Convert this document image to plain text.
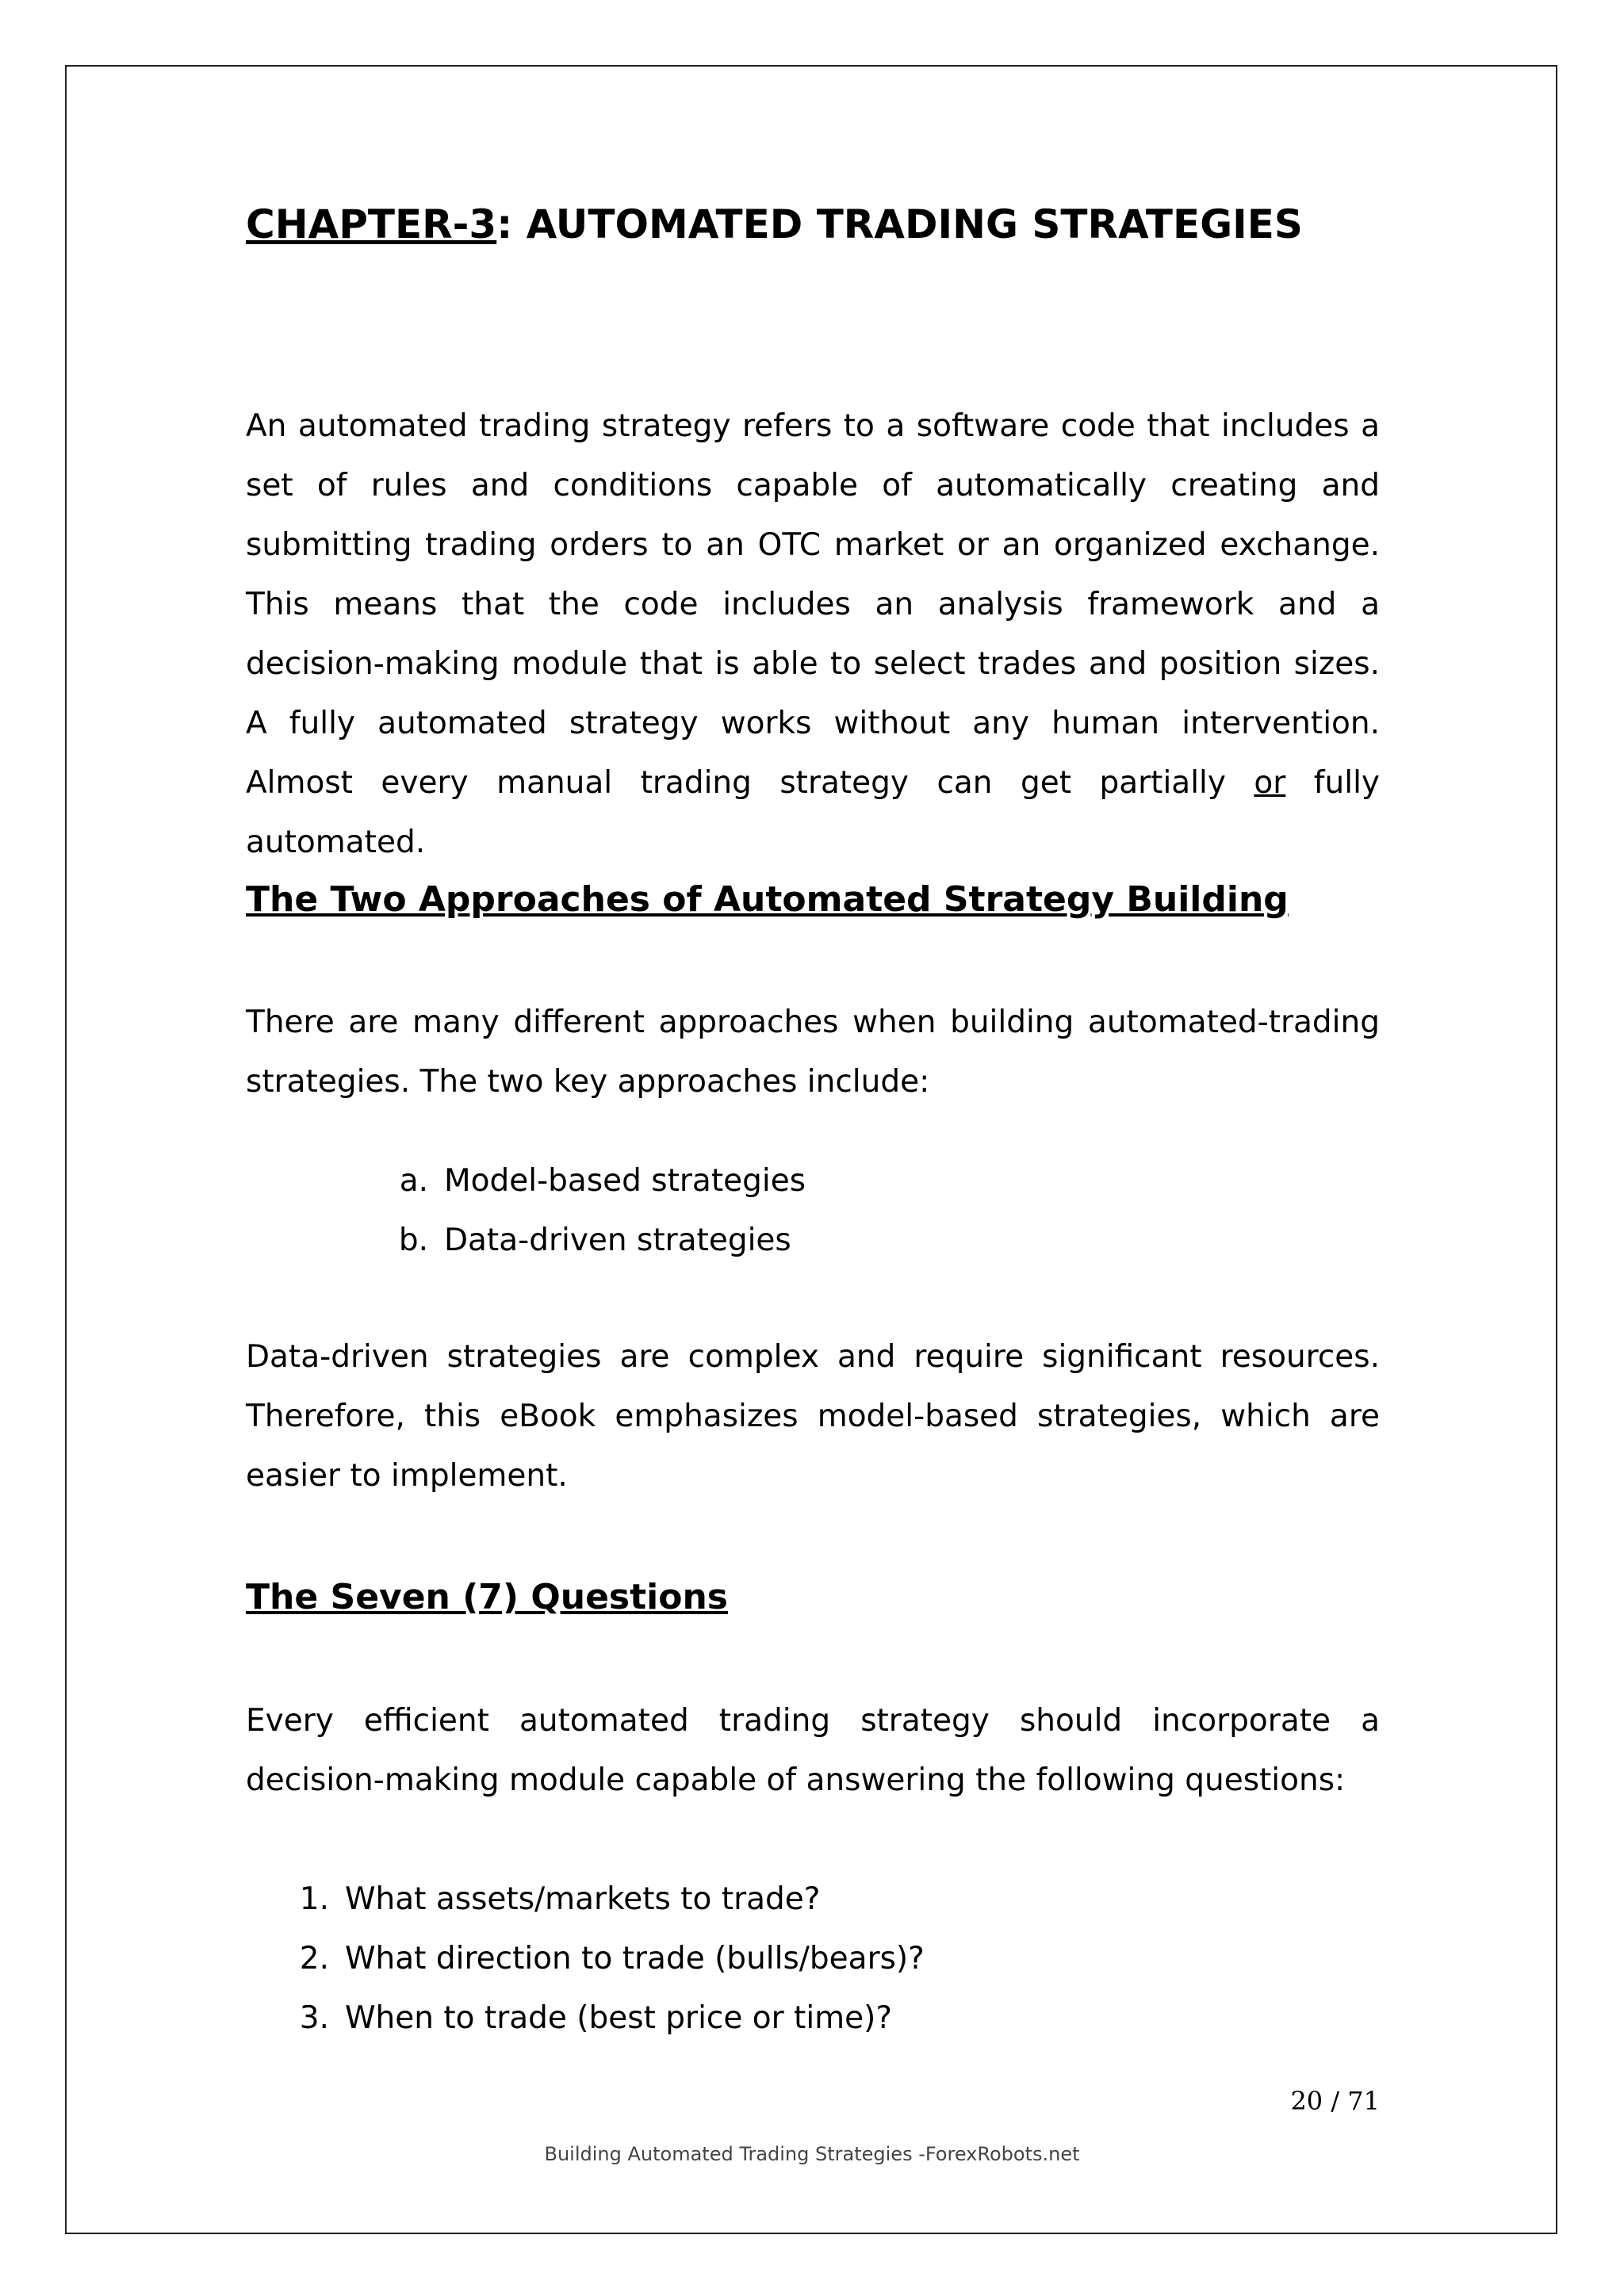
CHAPTER-3: AUTOMATED TRADING STRATEGIES

An automated trading strategy refers to a software code that includes a set of rules and conditions capable of automatically creating and submitting trading orders to an OTC market or an organized exchange. This means that the code includes an analysis framework and a decision-making module that is able to select trades and position sizes. A fully automated strategy works without any human intervention. Almost every manual trading strategy can get partially or fully automated.

The Two Approaches of Automated Strategy Building

There are many different approaches when building automated-trading strategies. The two key approaches include:

a. Model-based strategies
b. Data-driven strategies

Data-driven strategies are complex and require significant resources. Therefore, this eBook emphasizes model-based strategies, which are easier to implement.

The Seven (7) Questions

Every efficient automated trading strategy should incorporate a decision-making module capable of answering the following questions:

1. What assets/markets to trade?
2. What direction to trade (bulls/bears)?
3. When to trade (best price or time)?
20 / 71
Building Automated Trading Strategies -ForexRobots.net
